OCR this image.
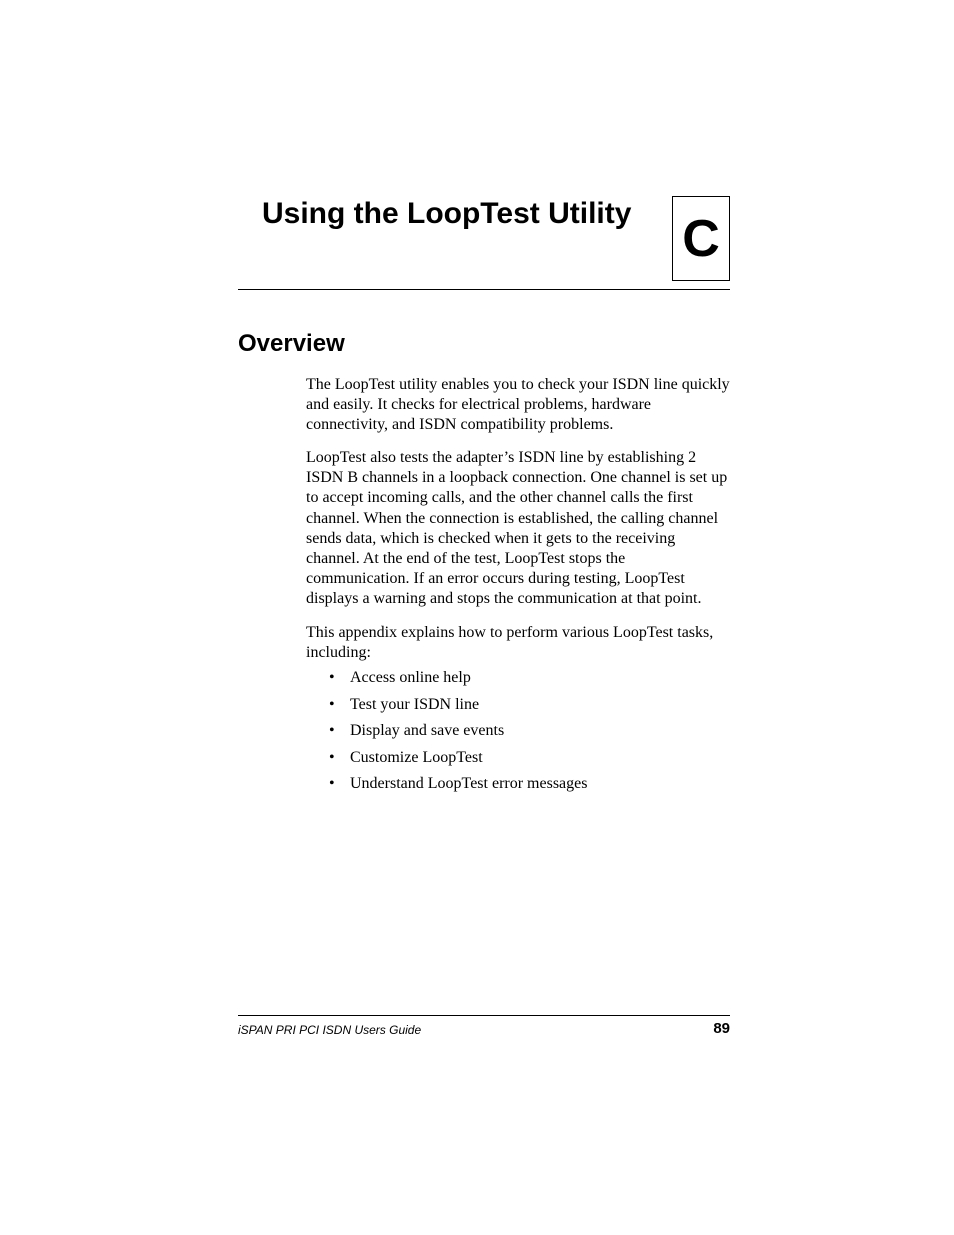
Using the LoopTest Utility C
Overview

The LoopTest utility enables you to check your ISDN line quickly and easily. It checks for electrical problems, hardware connectivity, and ISDN compatibility problems.

LoopTest also tests the adapter’s ISDN line by establishing 2 ISDN B channels in a loopback connection. One channel is set up to accept incoming calls, and the other channel calls the first channel. When the connection is established, the calling channel sends data, which is checked when it gets to the receiving channel. At the end of the test, LoopTest stops the communication. If an error occurs during testing, LoopTest displays a warning and stops the communication at that point.

This appendix explains how to perform various LoopTest tasks, including:

• Access online help
• Test your ISDN line
• Display and save events
• Customize LoopTest
• Understand LoopTest error messages
iSPAN PRI PCI ISDN Users Guide	89
